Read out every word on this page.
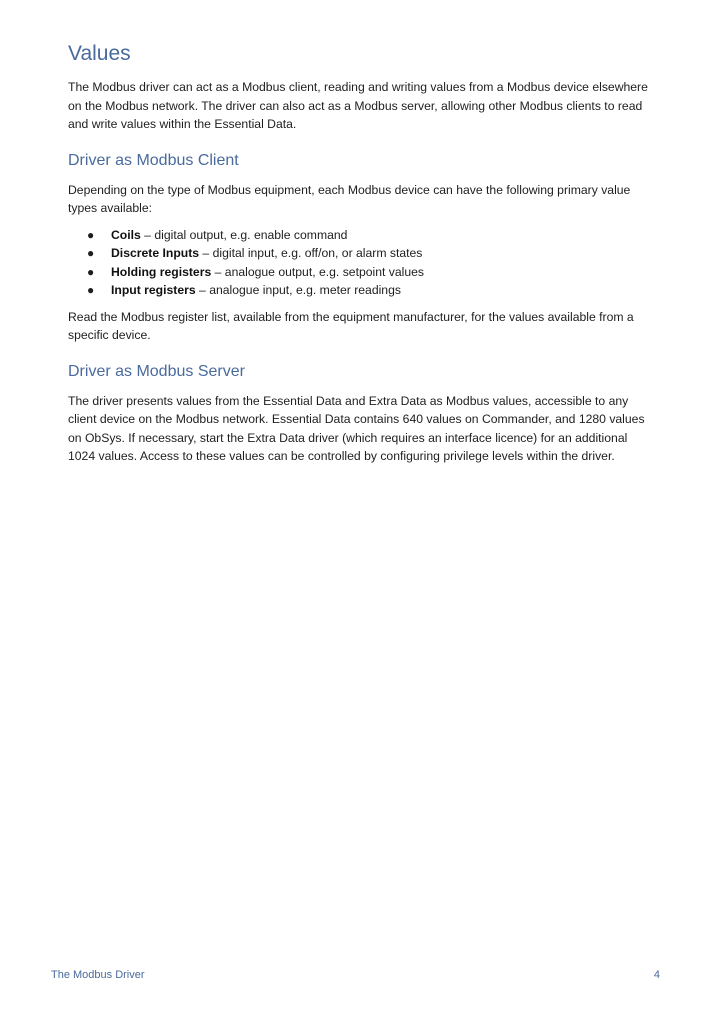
Values

The Modbus driver can act as a Modbus client, reading and writing values from a Modbus device elsewhere on the Modbus network. The driver can also act as a Modbus server, allowing other Modbus clients to read and write values within the Essential Data.

Driver as Modbus Client

Depending on the type of Modbus equipment, each Modbus device can have the following primary value types available:

● Coils – digital output, e.g. enable command
● Discrete Inputs – digital input, e.g. off/on, or alarm states
● Holding registers – analogue output, e.g. setpoint values
● Input registers – analogue input, e.g. meter readings

Read the Modbus register list, available from the equipment manufacturer, for the values available from a specific device.

Driver as Modbus Server

The driver presents values from the Essential Data and Extra Data as Modbus values, accessible to any client device on the Modbus network. Essential Data contains 640 values on Commander, and 1280 values on ObSys. If necessary, start the Extra Data driver (which requires an interface licence) for an additional 1024 values. Access to these values can be controlled by configuring privilege levels within the driver.

The Modbus Driver	4
